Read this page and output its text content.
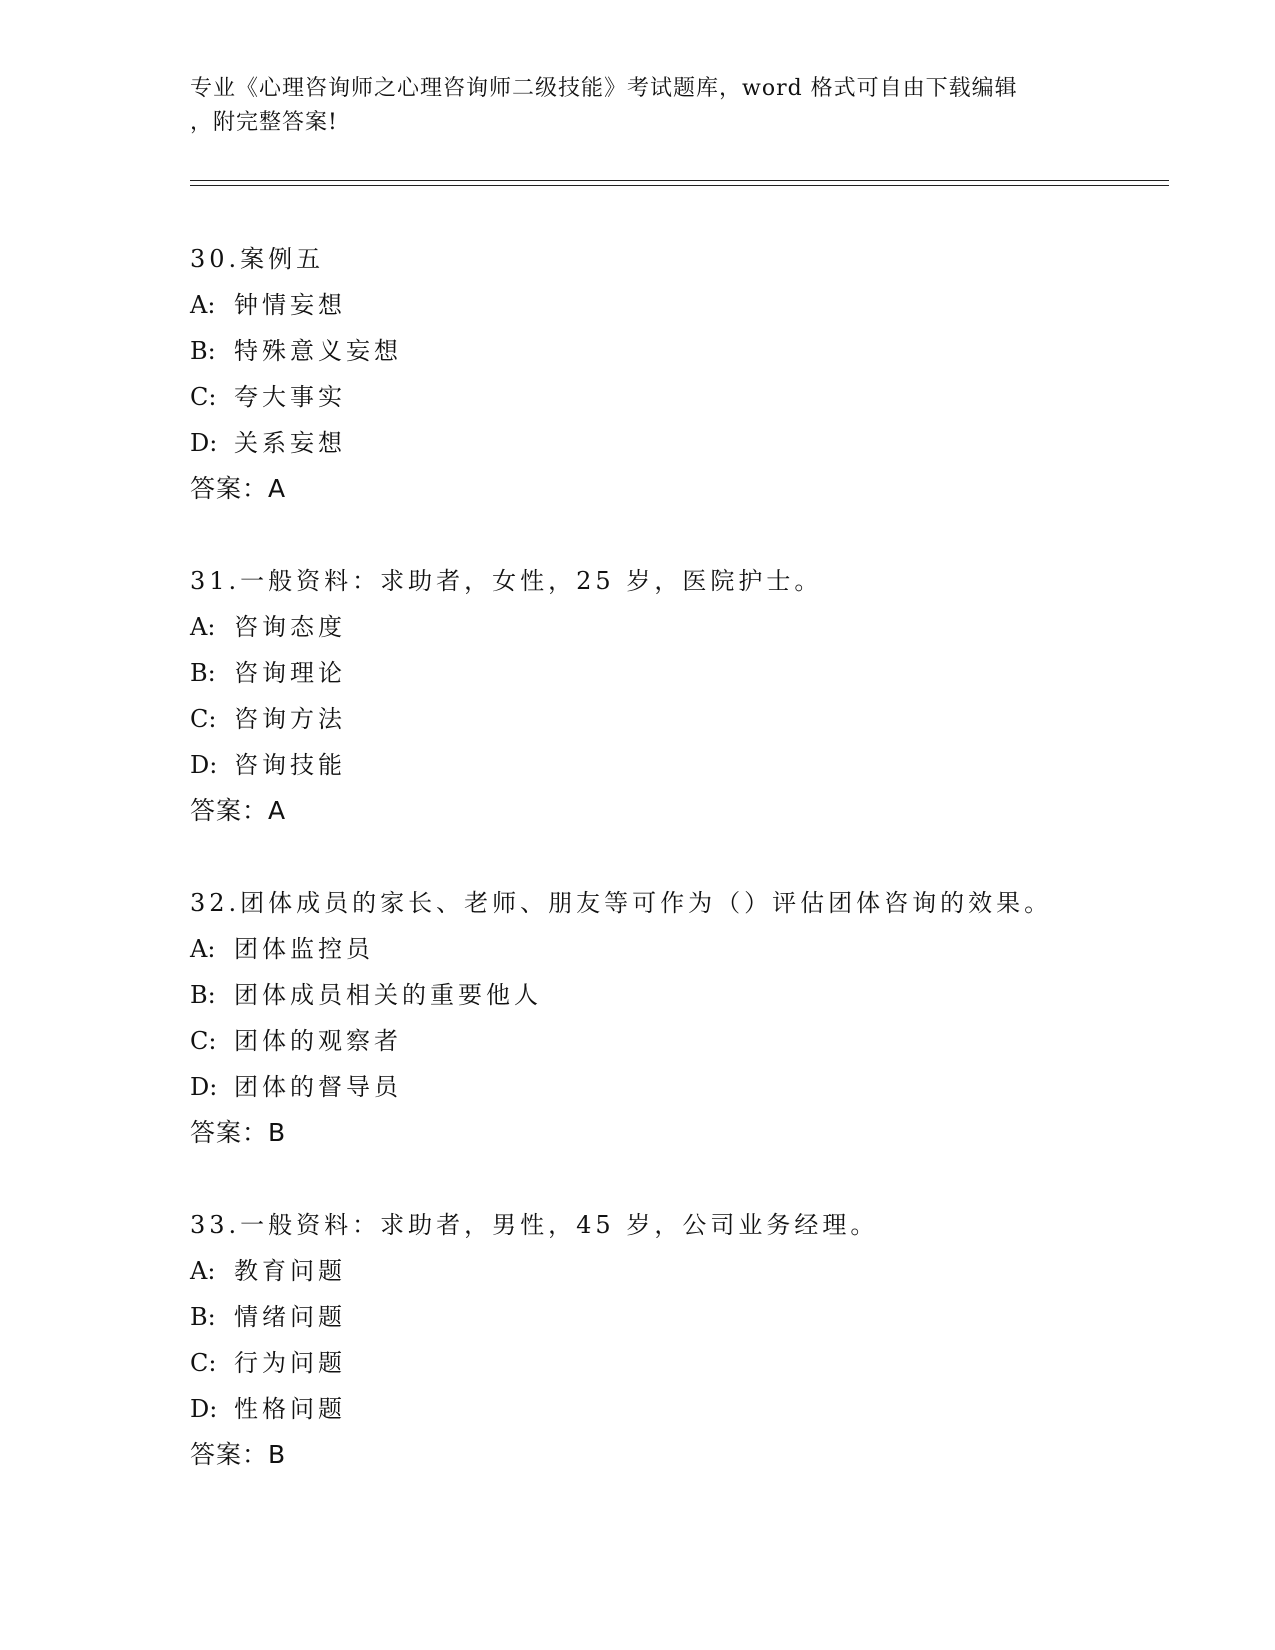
专业《心理咨询师之心理咨询师二级技能》考试题库，word 格式可自由下载编辑
，附完整答案!
30.案例五
A: 钟情妄想
B: 特殊意义妄想
C: 夸大事实
D: 关系妄想
答案：A
31.一般资料：求助者，女性，25 岁，医院护士。
A: 咨询态度
B: 咨询理论
C: 咨询方法
D: 咨询技能
答案：A
32.团体成员的家长、老师、朋友等可作为（）评估团体咨询的效果。
A: 团体监控员
B: 团体成员相关的重要他人
C: 团体的观察者
D: 团体的督导员
答案：B
33.一般资料：求助者，男性，45 岁，公司业务经理。
A: 教育问题
B: 情绪问题
C: 行为问题
D: 性格问题
答案：B
